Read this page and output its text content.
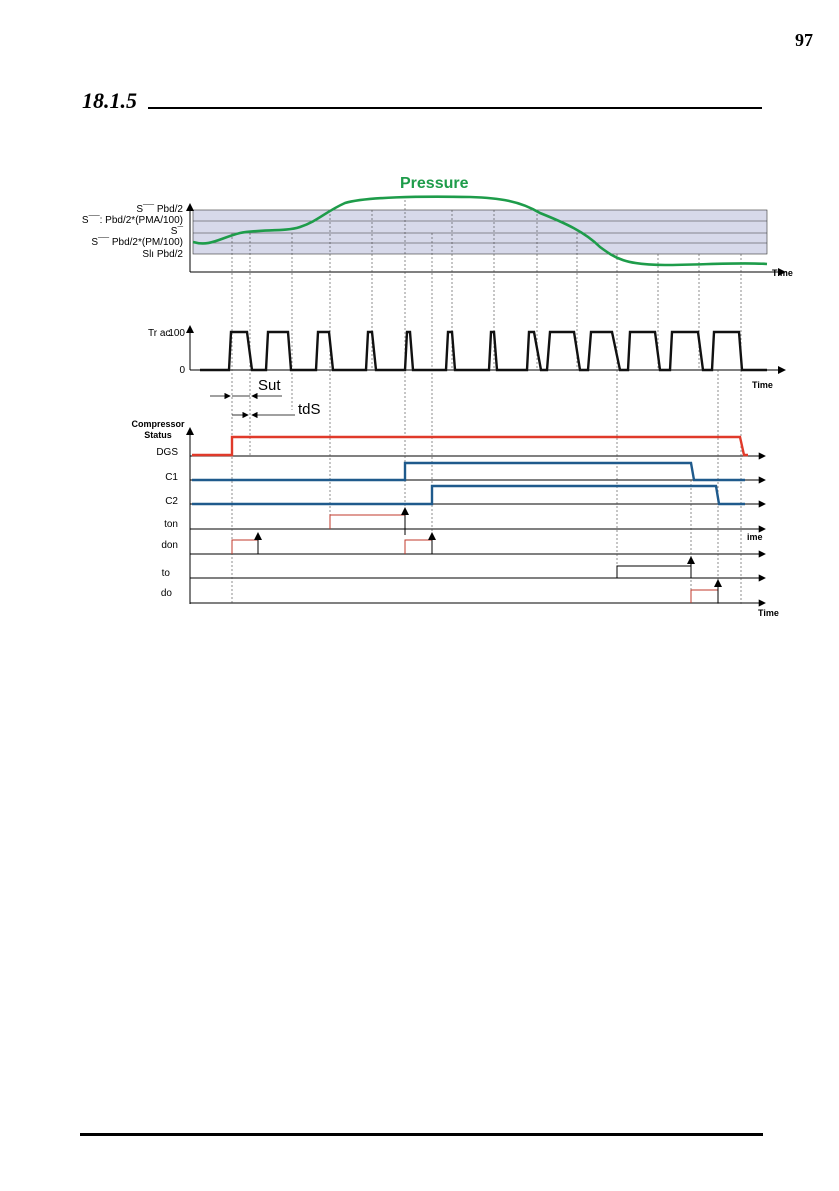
97
18.1.5
Pressure
S¯¯ Pbd/2
S¯¯: Pbd/2*(PMA/100)
S¯
S¯¯ Pbd/2*(PM/100)
Slı Pbd/2
Time
Time
ime
Time
Tr ac
100
0
Sut
tdS
Compressor
Status
DGS
C1
C2
ton
don
to
do
